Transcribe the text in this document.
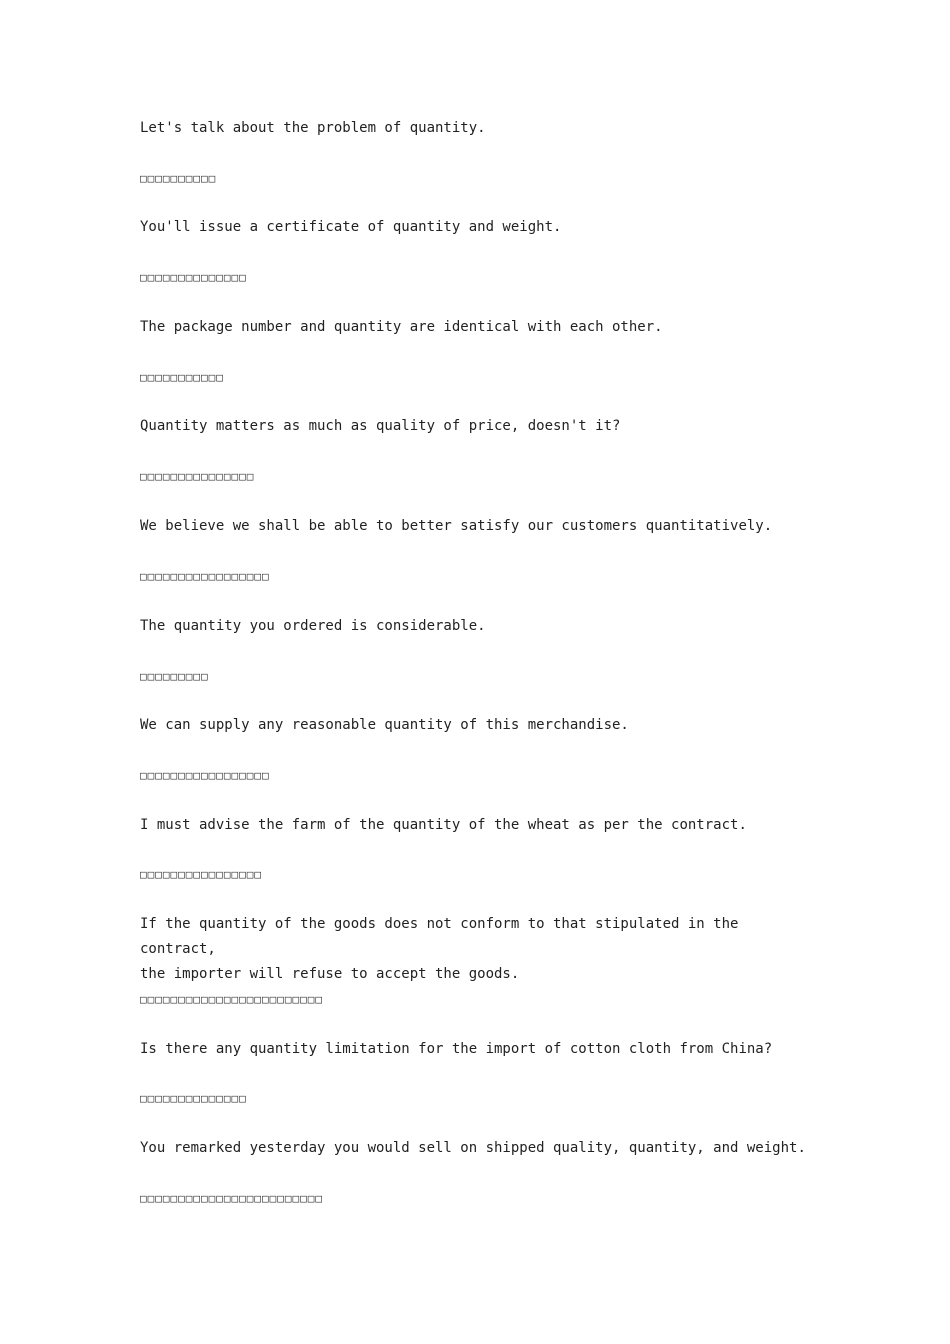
Let's talk about the problem of quantity.

□□□□□□□□□□

You'll issue a certificate of quantity and weight.

□□□□□□□□□□□□□□

The package number and quantity are identical with each other.

□□□□□□□□□□□

Quantity matters as much as quality of price, doesn't it?

□□□□□□□□□□□□□□□

We believe we shall be able to better satisfy our customers quantitatively.

□□□□□□□□□□□□□□□□□

The quantity you ordered is considerable.

□□□□□□□□□

We can supply any reasonable quantity of this merchandise.

□□□□□□□□□□□□□□□□□

I must advise the farm of the quantity of the wheat as per the contract.

□□□□□□□□□□□□□□□□

If the quantity of the goods does not conform to that stipulated in the contract,
the importer will refuse to accept the goods.

□□□□□□□□□□□□□□□□□□□□□□□□

Is there any quantity limitation for the import of cotton cloth from China?

□□□□□□□□□□□□□□

You remarked yesterday you would sell on shipped quality, quantity, and weight.

□□□□□□□□□□□□□□□□□□□□□□□□
